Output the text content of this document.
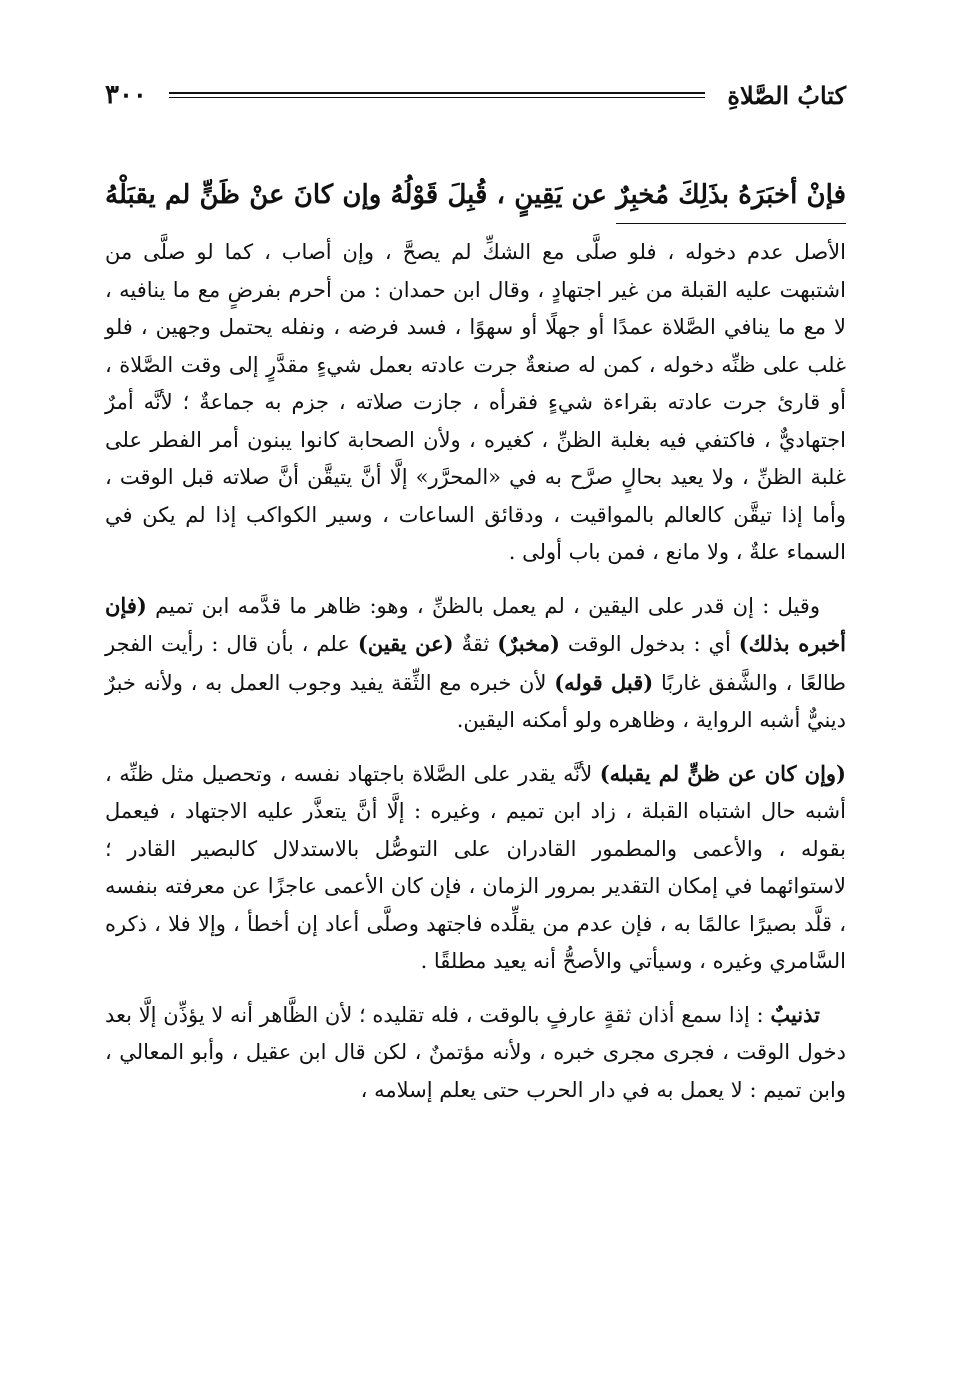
كتابُ الصَّلاةِ
٣٠٠
فإنْ أخبَرَهُ بذَلِكَ مُخبِرٌ عن يَقِينٍ ، قُبِلَ قَوْلُهُ وإن كانَ عنْ ظَنٍّ لم يقبَلْهُ

الأصل عدم دخوله ، فلو صلَّى مع الشكِّ لم يصحَّ ، وإن أصاب ، كما لو صلَّى من اشتبهت عليه القبلة من غير اجتهادٍ ، وقال ابن حمدان : من أحرم بفرضٍ مع ما ينافيه ، لا مع ما ينافي الصَّلاة عمدًا أو جهلًا أو سهوًا ، فسد فرضه ، ونفله يحتمل وجهين ، فلو غلب على ظنِّه دخوله ، كمن له صنعةٌ جرت عادته بعمل شيءٍ مقدَّرٍ إلى وقت الصَّلاة ، أو قارئ جرت عادته بقراءة شيءٍ فقرأه ، جازت صلاته ، جزم به جماعةٌ ؛ لأنَّه أمرٌ اجتهاديٌّ ، فاكتفي فيه بغلبة الظنِّ ، كغيره ، ولأن الصحابة كانوا يبنون أمر الفطر على غلبة الظنِّ ، ولا يعيد بحالٍ صرَّح به في «المحرَّر» إلَّا أنَّ يتيقَّن أنَّ صلاته قبل الوقت ، وأما إذا تيقَّن كالعالم بالمواقيت ، ودقائق الساعات ، وسير الكواكب إذا لم يكن في السماء علةٌ ، ولا مانع ، فمن باب أولى .

وقيل : إن قدر على اليقين ، لم يعمل بالظنِّ ، وهو: ظاهر ما قدَّمه ابن تميم (فإن أخبره بذلك) أي : بدخول الوقت (مخبرٌ) ثقةٌ (عن يقين) علم ، بأن قال : رأيت الفجر طالعًا ، والشَّفق غاربًا (قبل قوله) لأن خبره مع الثِّقة يفيد وجوب العمل به ، ولأنه خبرٌ دينيٌّ أشبه الرواية ، وظاهره ولو أمكنه اليقين.

(وإن كان عن ظنٍّ لم يقبله) لأنَّه يقدر على الصَّلاة باجتهاد نفسه ، وتحصيل مثل ظنِّه ، أشبه حال اشتباه القبلة ، زاد ابن تميم ، وغيره : إلَّا أنَّ يتعذَّر عليه الاجتهاد ، فيعمل بقوله ، والأعمى والمطمور القادران على التوصُّل بالاستدلال كالبصير القادر ؛ لاستوائهما في إمكان التقدير بمرور الزمان ، فإن كان الأعمى عاجزًا عن معرفته بنفسه ، قلَّد بصيرًا عالمًا به ، فإن عدم من يقلِّده فاجتهد وصلَّى أعاد إن أخطأ ، وإلا فلا ، ذكره السَّامري وغيره ، وسيأتي والأصحُّ أنه يعيد مطلقًا .

تذنيبٌ : إذا سمع أذان ثقةٍ عارفٍ بالوقت ، فله تقليده ؛ لأن الظَّاهر أنه لا يؤذِّن إلَّا بعد دخول الوقت ، فجرى مجرى خبره ، ولأنه مؤتمنٌ ، لكن قال ابن عقيل ، وأبو المعالي ، وابن تميم : لا يعمل به في دار الحرب حتى يعلم إسلامه ،
